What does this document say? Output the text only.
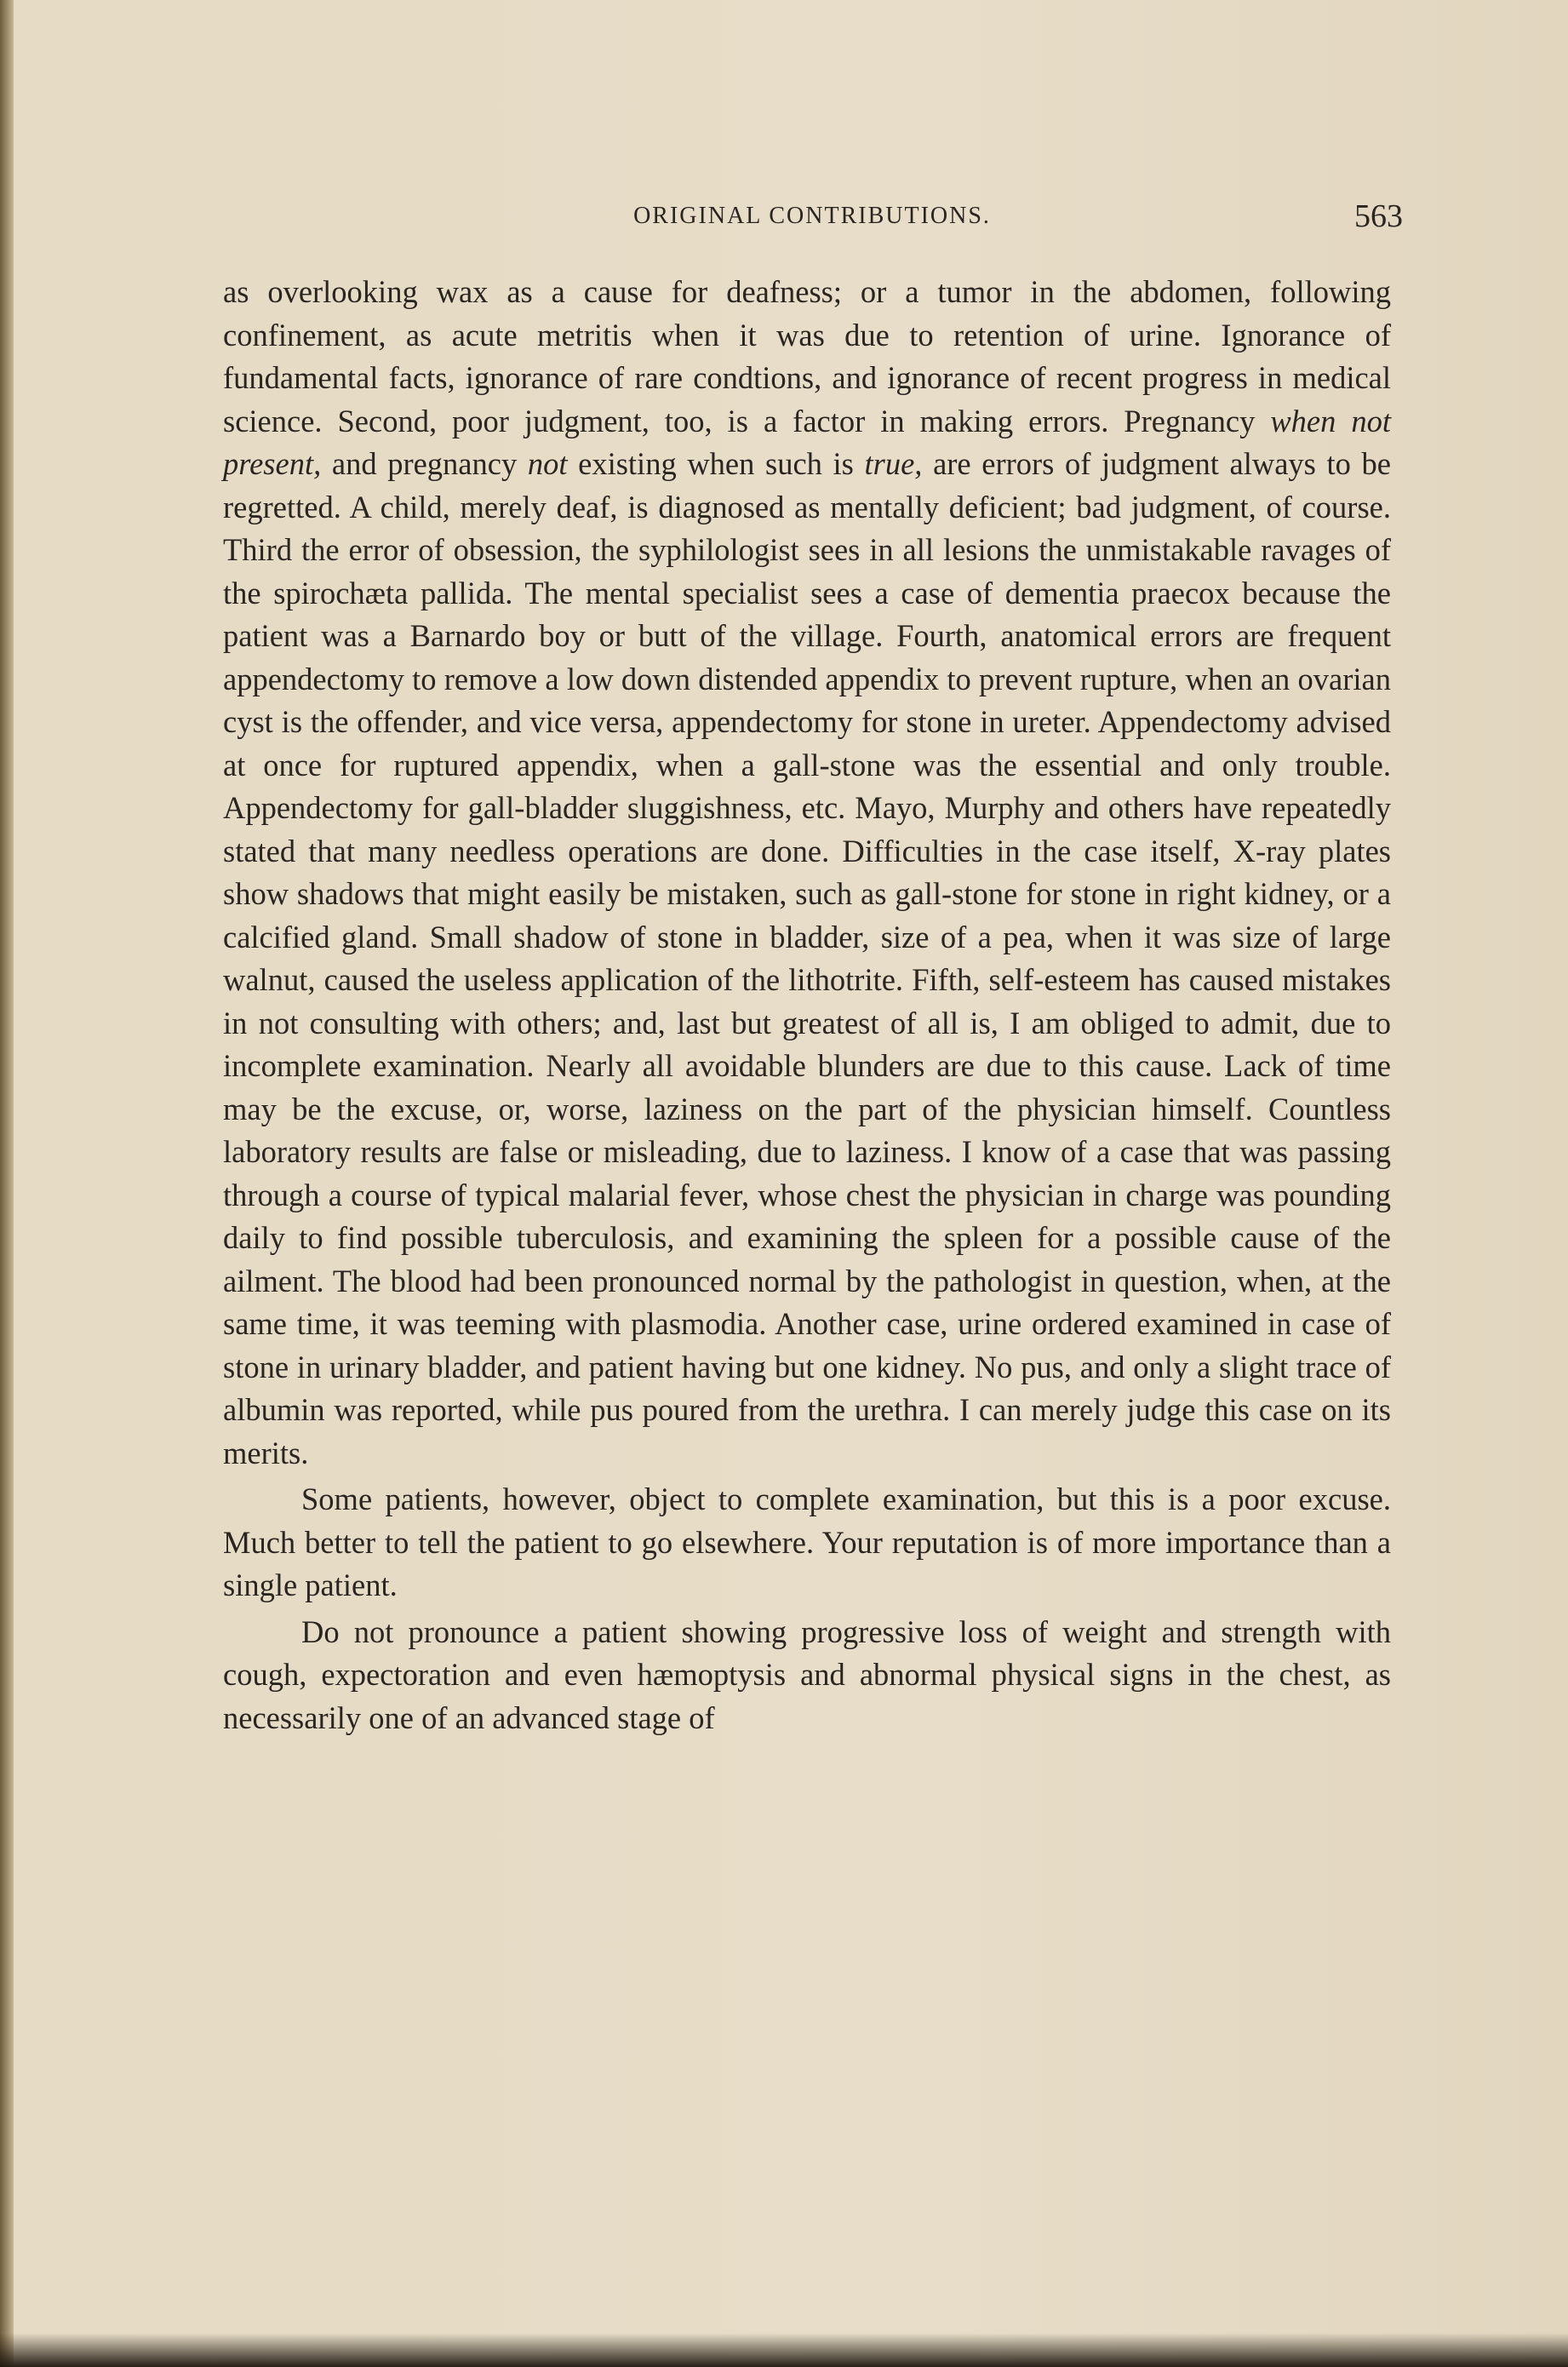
ORIGINAL CONTRIBUTIONS.	563

as overlooking wax as a cause for deafness; or a tumor in the abdomen, following confinement, as acute metritis when it was due to retention of urine. Ignorance of fundamental facts, ignorance of rare condtions, and ignorance of recent progress in medical science. Second, poor judgment, too, is a factor in making errors. Pregnancy when not present, and pregnancy not existing when such is true, are errors of judgment always to be regretted. A child, merely deaf, is diagnosed as mentally deficient; bad judgment, of course. Third the error of obsession, the syphilologist sees in all lesions the unmistakable ravages of the spirochæta pallida. The mental specialist sees a case of dementia praecox because the patient was a Barnardo boy or butt of the village. Fourth, anatomical errors are frequent appendectomy to remove a low down distended appendix to prevent rupture, when an ovarian cyst is the offender, and vice versa, appendectomy for stone in ureter. Appendectomy advised at once for ruptured appendix, when a gall-stone was the essential and only trouble. Appendectomy for gall-bladder sluggishness, etc. Mayo, Murphy and others have repeatedly stated that many needless operations are done. Difficulties in the case itself, X-ray plates show shadows that might easily be mistaken, such as gall-stone for stone in right kidney, or a calcified gland. Small shadow of stone in bladder, size of a pea, when it was size of large walnut, caused the useless application of the lithotrite. Fifth, self-esteem has caused mistakes in not consulting with others; and, last but greatest of all is, I am obliged to admit, due to incomplete examination. Nearly all avoidable blunders are due to this cause. Lack of time may be the excuse, or, worse, laziness on the part of the physician himself. Countless laboratory results are false or misleading, due to laziness. I know of a case that was passing through a course of typical malarial fever, whose chest the physician in charge was pounding daily to find possible tuberculosis, and examining the spleen for a possible cause of the ailment. The blood had been pronounced normal by the pathologist in question, when, at the same time, it was teeming with plasmodia. Another case, urine ordered examined in case of stone in urinary bladder, and patient having but one kidney. No pus, and only a slight trace of albumin was reported, while pus poured from the urethra. I can merely judge this case on its merits.

Some patients, however, object to complete examination, but this is a poor excuse. Much better to tell the patient to go elsewhere. Your reputation is of more importance than a single patient.

Do not pronounce a patient showing progressive loss of weight and strength with cough, expectoration and even hæmoptysis and abnormal physical signs in the chest, as necessarily one of an advanced stage of
